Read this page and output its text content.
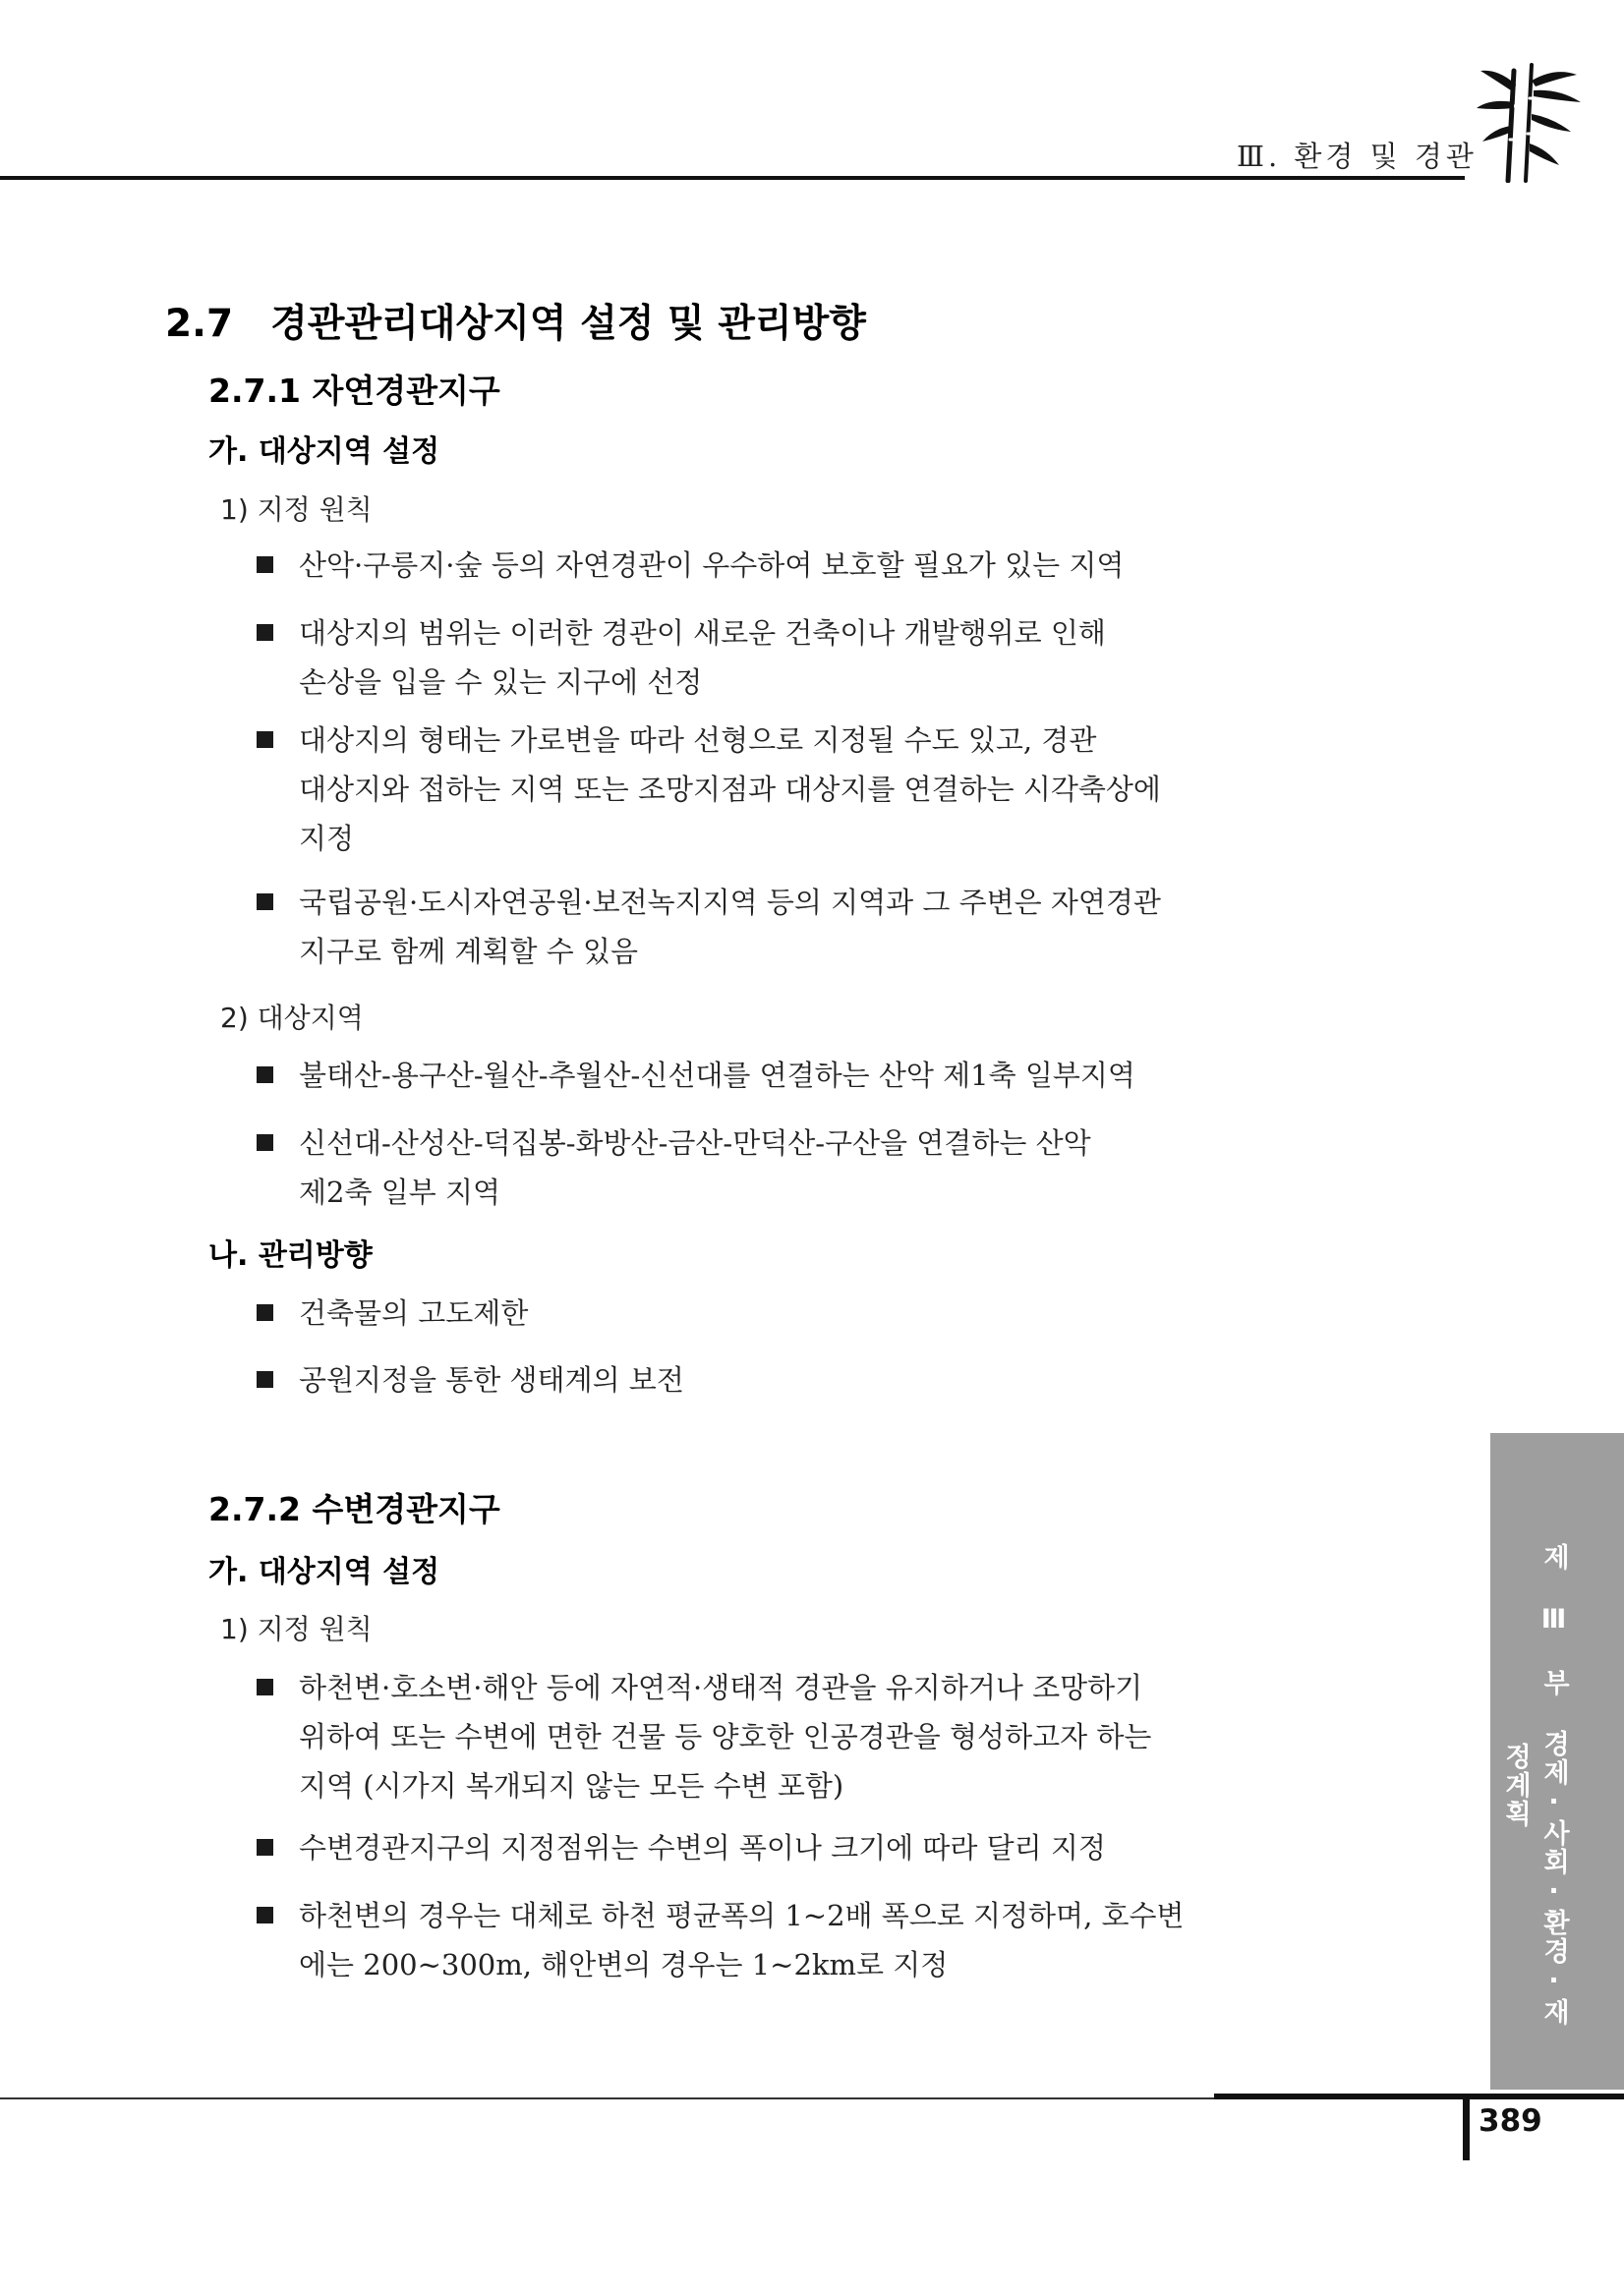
Ⅲ. 환경 및 경관
2.7 경관관리대상지역 설정 및 관리방향
2.7.1 자연경관지구
가. 대상지역 설정
1) 지정 원칙
산악·구릉지·숲 등의 자연경관이 우수하여 보호할 필요가 있는 지역
대상지의 범위는 이러한 경관이 새로운 건축이나 개발행위로 인해
손상을 입을 수 있는 지구에 선정
대상지의 형태는 가로변을 따라 선형으로 지정될 수도 있고, 경관
대상지와 접하는 지역 또는 조망지점과 대상지를 연결하는 시각축상에
지정
국립공원·도시자연공원·보전녹지지역 등의 지역과 그 주변은 자연경관
지구로 함께 계획할 수 있음
2) 대상지역
불태산-용구산-월산-추월산-신선대를 연결하는 산악 제1축 일부지역
신선대-산성산-덕집봉-화방산-금산-만덕산-구산을 연결하는 산악
제2축 일부 지역
나. 관리방향
건축물의 고도제한
공원지정을 통한 생태계의 보전
2.7.2 수변경관지구
가. 대상지역 설정
1) 지정 원칙
하천변·호소변·해안 등에 자연적·생태적 경관을 유지하거나 조망하기
위하여 또는 수변에 면한 건물 등 양호한 인공경관을 형성하고자 하는
지역 (시가지 복개되지 않는 모든 수변 포함)
수변경관지구의 지정점위는 수변의 폭이나 크기에 따라 달리 지정
하천변의 경우는 대체로 하천 평균폭의 1~2배 폭으로 지정하며, 호수변
에는 200~300m, 해안변의 경우는 1~2km로 지정	제 Ⅲ 부 경제·사회·환경·재정계획
389
